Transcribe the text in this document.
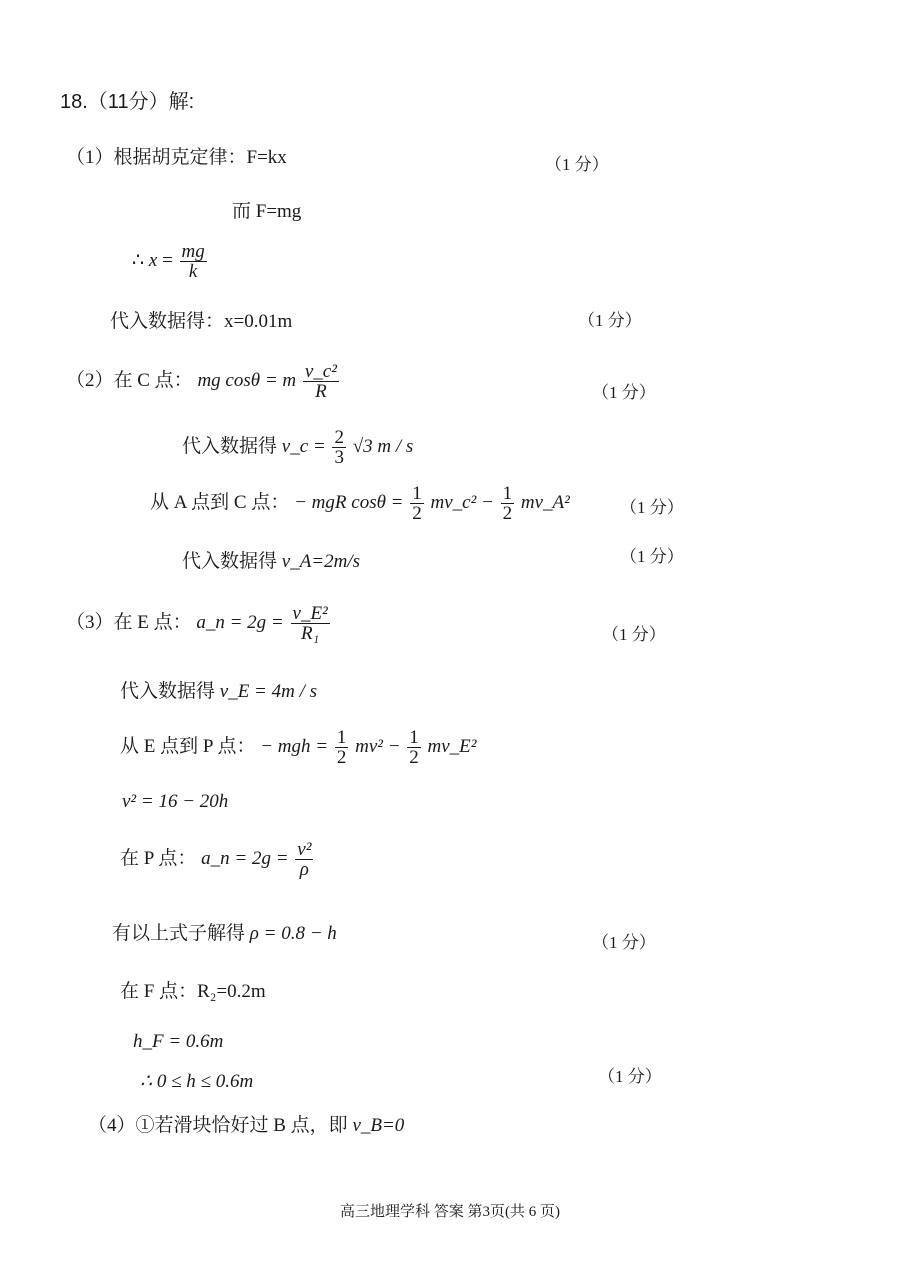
18.（11分）解:
（1）根据胡克定律：F=kx	（1 分）
而 F=mg
∴ $x = \frac{mg}{k}$
代入数据得：x=0.01m	（1 分）
（2）在 C 点： mg cosθ = m $\frac{\text{v\_c²}}{R}$	（1 分）
代入数据得 v_c = $\frac{2}{3} √3$ m / s
从 A 点到 C 点： − mgR $\cos\theta = \frac{1}{2}$ mv_c² − $\frac{1}{2}$ mv_A²	（1 分）
代入数据得 v_A=2m/s	（1 分）
（3）在 E 点： a_n = $2g = \frac{\text{v\_E²}}{\text{R₁}}$	（1 分）
代入数据得 v_E = 4m / s
从 E 点到 P 点： − mgh = $\frac{1}{2} mv^2 - \frac{1}{2}$ mv_E²
v² = 16 − 20h
在 P 点： a_n = $2g = \frac{\text{v²}}{\rho}$
有以上式子解得 ρ = 0.8 − h	（1 分）
在 F 点：R₂=0.2m
h_F = 0.6m
∴ 0 ≤ h ≤ 0.6m	（1 分）
（4）①若滑块恰好过 B 点，即 v_B=0
高三地理学科 答案 第3页(共 6 页)
